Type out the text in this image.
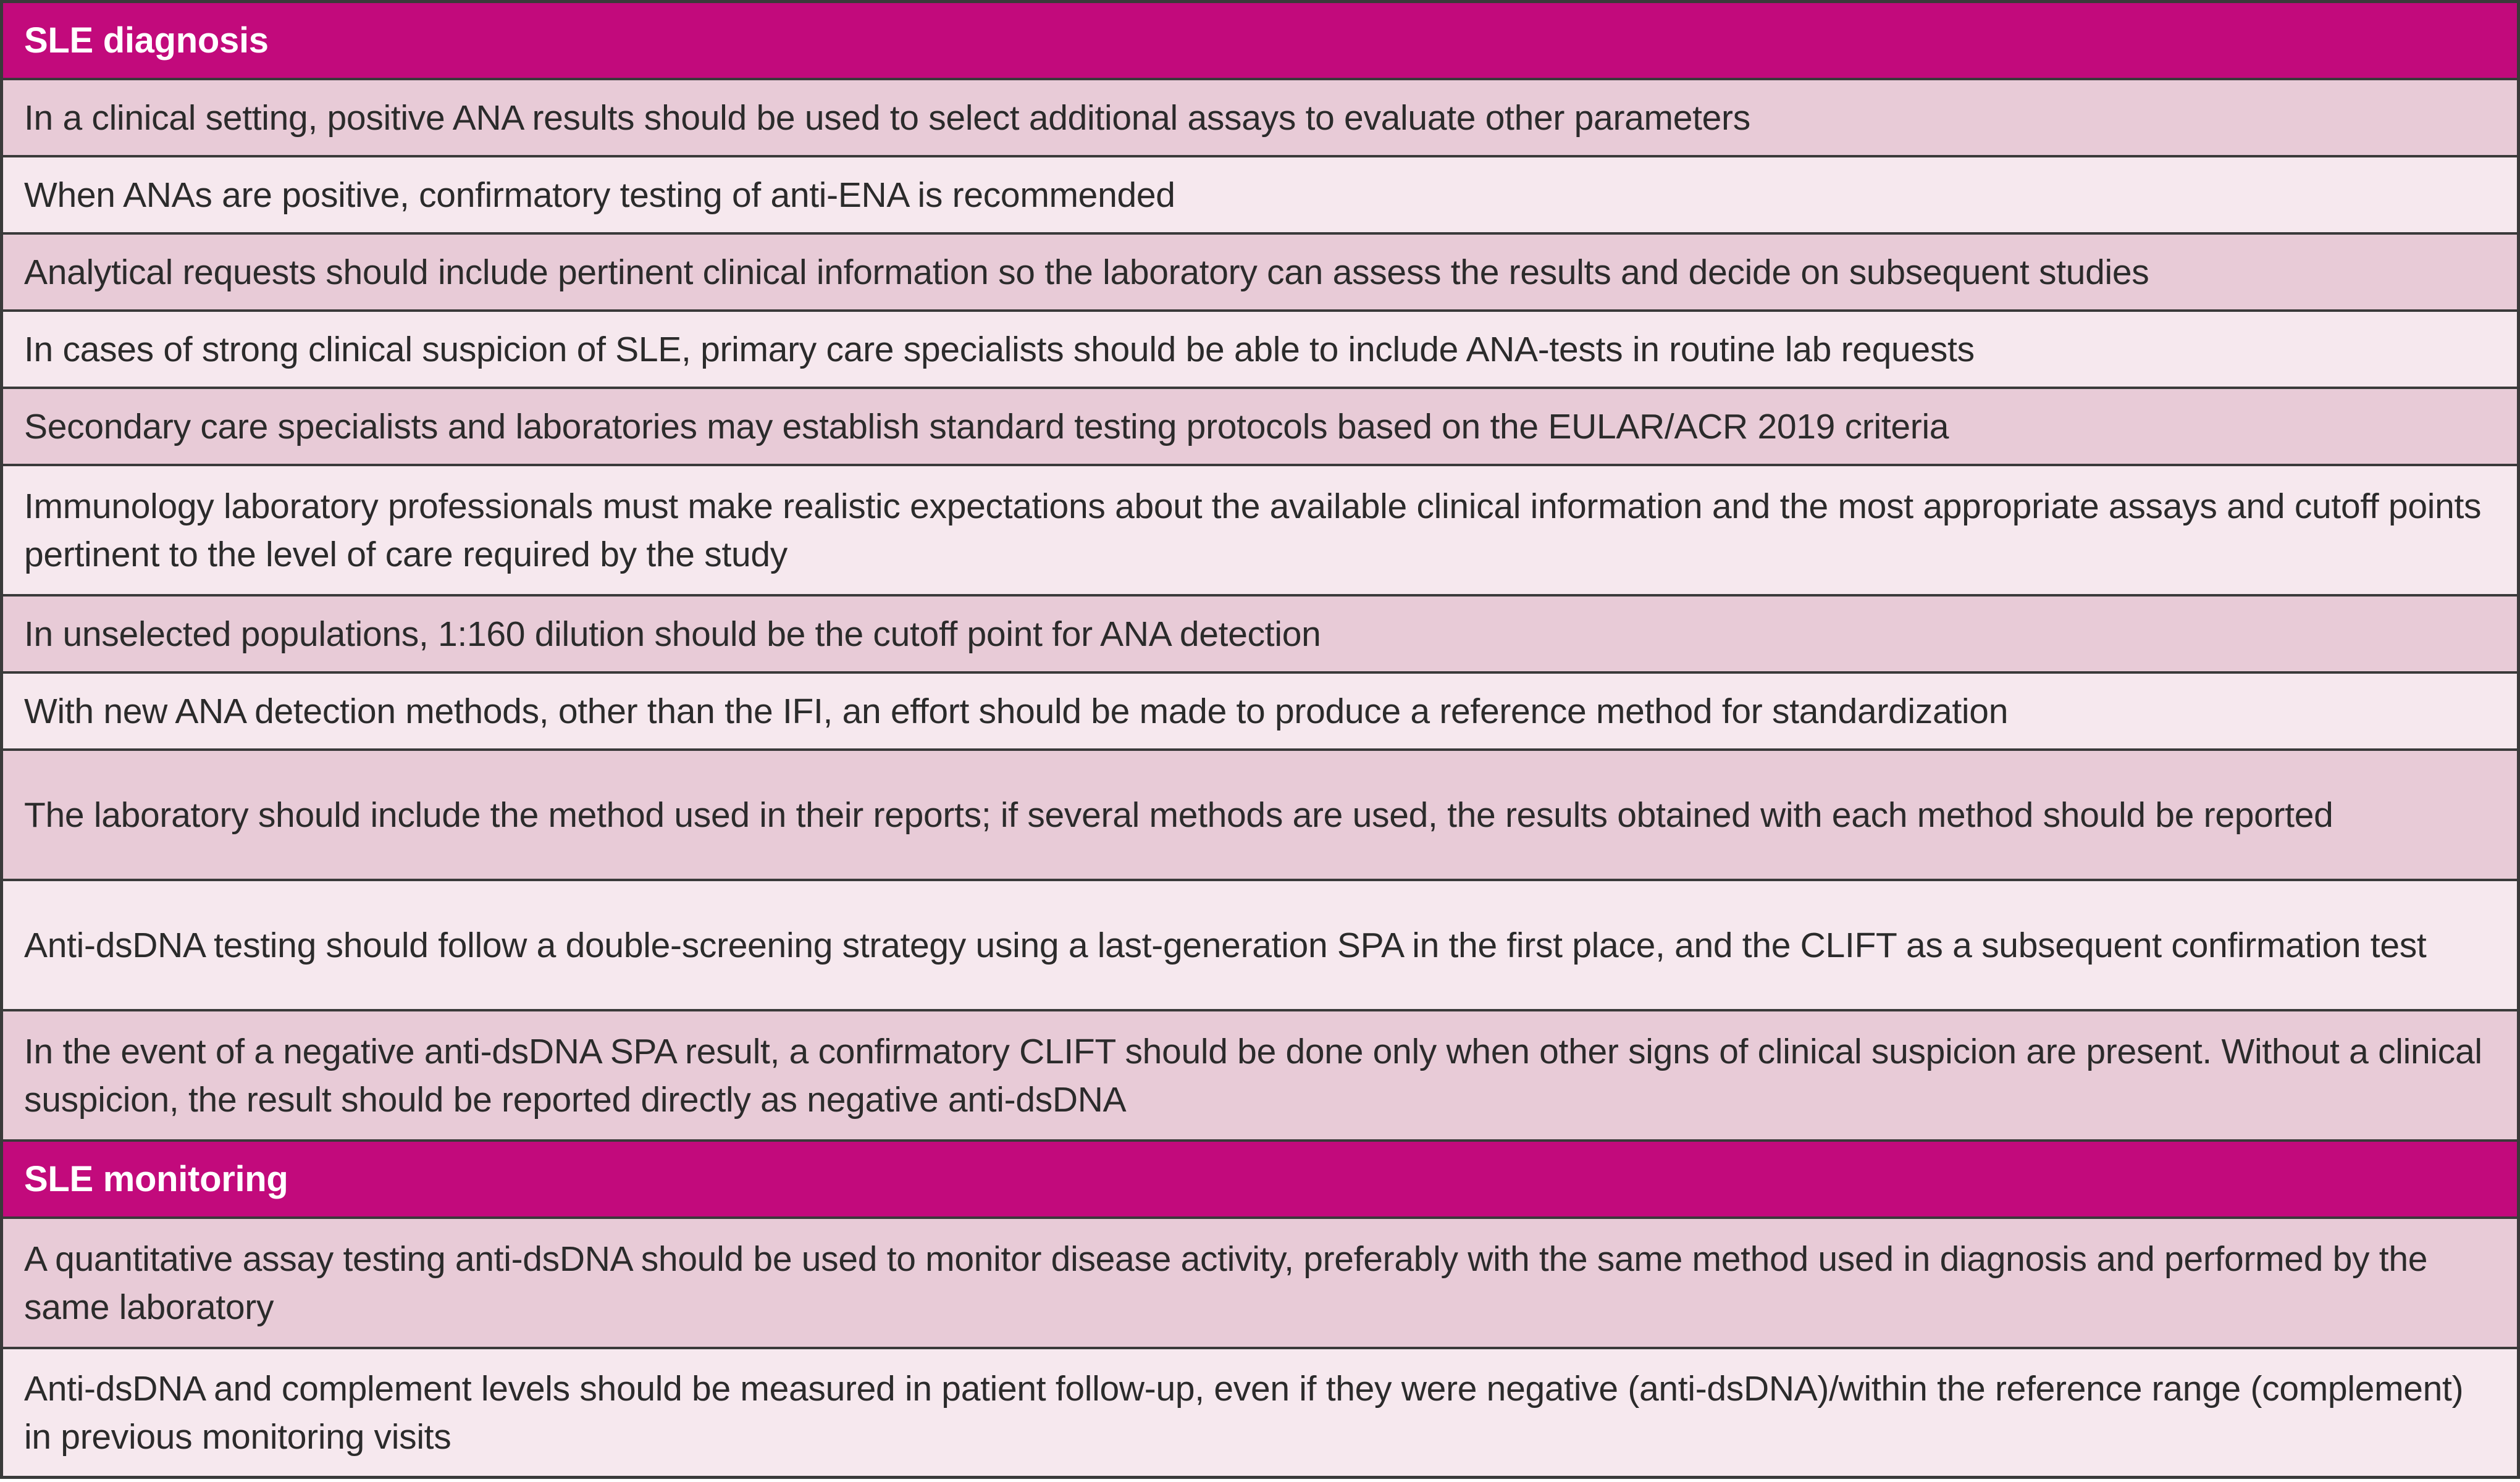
SLE diagnosis
In a clinical setting, positive ANA results should be used to select additional assays to evaluate other parameters
When ANAs are positive, confirmatory testing of anti-ENA is recommended
Analytical requests should include pertinent clinical information so the laboratory can assess the results and decide on subsequent studies
In cases of strong clinical suspicion of SLE, primary care specialists should be able to include ANA-tests in routine lab requests
Secondary care specialists and laboratories may establish standard testing protocols based on the EULAR/ACR 2019 criteria
Immunology laboratory professionals must make realistic expectations about the available clinical information and the most appropriate assays and cutoff points pertinent to the level of care required by the study
In unselected populations, 1:160 dilution should be the cutoff point for ANA detection
With new ANA detection methods, other than the IFI, an effort should be made to produce a reference method for standardization
The laboratory should include the method used in their reports; if several methods are used, the results obtained with each method should be reported
Anti-dsDNA testing should follow a double-screening strategy using a last-generation SPA in the first place, and the CLIFT as a subsequent confirmation test
In the event of a negative anti-dsDNA SPA result, a confirmatory CLIFT should be done only when other signs of clinical suspicion are present. Without a clinical suspicion, the result should be reported directly as negative anti-dsDNA
SLE monitoring
A quantitative assay testing anti-dsDNA should be used to monitor disease activity, preferably with the same method used in diagnosis and performed by the same laboratory
Anti-dsDNA and complement levels should be measured in patient follow-up, even if they were negative (anti-dsDNA)/within the reference range (complement) in previous monitoring visits
